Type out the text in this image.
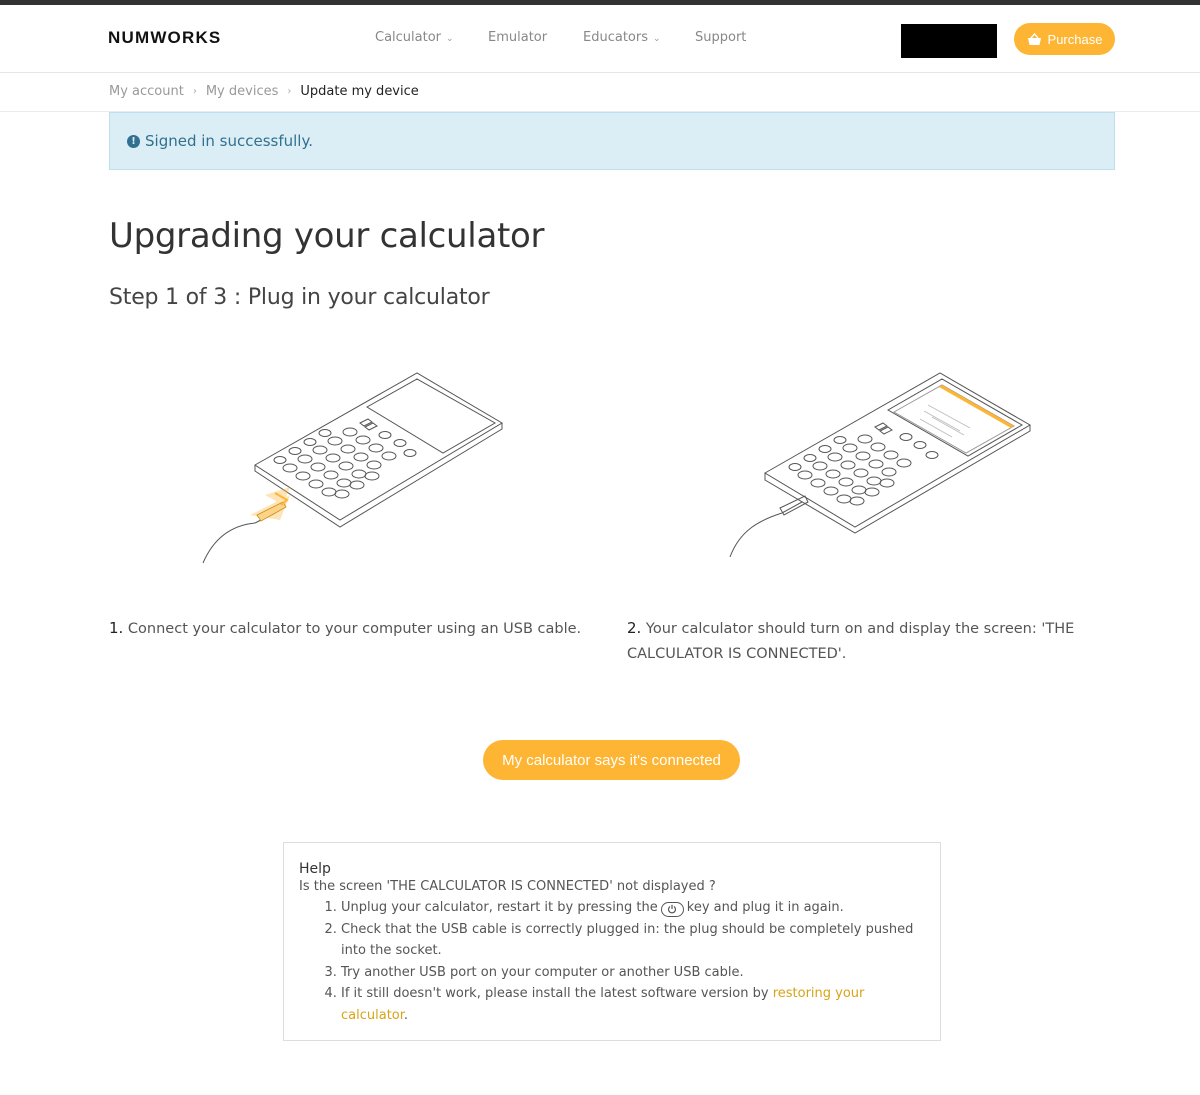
NUMWORKS	Calculator ⌄	Emulator	Educators ⌄	Support	Purchase
My account › My devices › Update my device
! Signed in successfully.
Upgrading your calculator
Step 1 of 3 : Plug in your calculator
1. Connect your calculator to your computer using an USB cable.	2. Your calculator should turn on and display the screen: 'THE CALCULATOR IS CONNECTED'.
My calculator says it's connected
Help
Is the screen 'THE CALCULATOR IS CONNECTED' not displayed ?
1. Unplug your calculator, restart it by pressing the key and plug it in again.
2. Check that the USB cable is correctly plugged in: the plug should be completely pushed into the socket.
3. Try another USB port on your computer or another USB cable.
4. If it still doesn't work, please install the latest software version by restoring your calculator.
